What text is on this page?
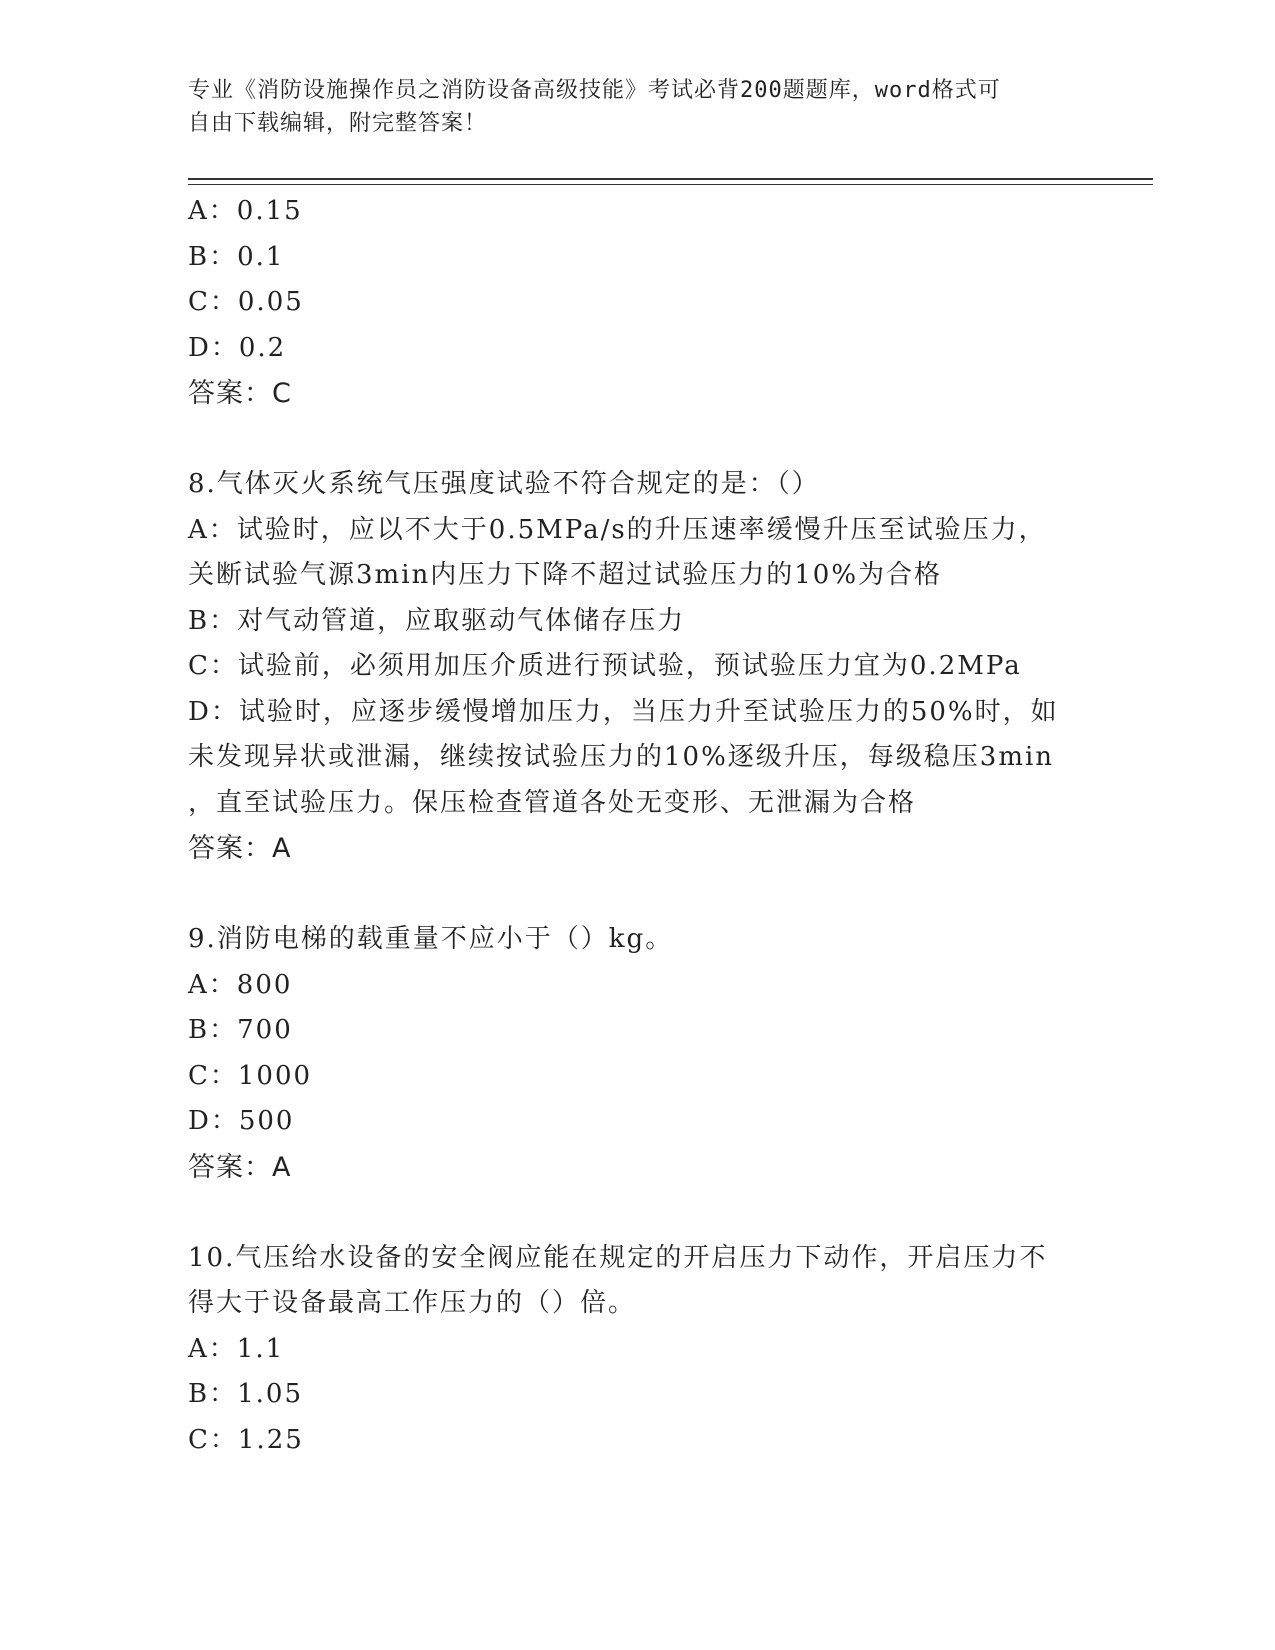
专业《消防设施操作员之消防设备高级技能》考试必背200题题库，word格式可
自由下载编辑，附完整答案！
A：0.15
B：0.1
C：0.05
D：0.2
答案：C
8.气体灭火系统气压强度试验不符合规定的是：（）
A：试验时，应以不大于0.5MPa/s的升压速率缓慢升压至试验压力，
关断试验气源3min内压力下降不超过试验压力的10%为合格
B：对气动管道，应取驱动气体储存压力
C：试验前，必须用加压介质进行预试验，预试验压力宜为0.2MPa
D：试验时，应逐步缓慢增加压力，当压力升至试验压力的50%时，如
未发现异状或泄漏，继续按试验压力的10%逐级升压，每级稳压3min
，直至试验压力。保压检查管道各处无变形、无泄漏为合格
答案：A
9.消防电梯的载重量不应小于（）kg。
A：800
B：700
C：1000
D：500
答案：A
10.气压给水设备的安全阀应能在规定的开启压力下动作，开启压力不
得大于设备最高工作压力的（）倍。
A：1.1
B：1.05
C：1.25
